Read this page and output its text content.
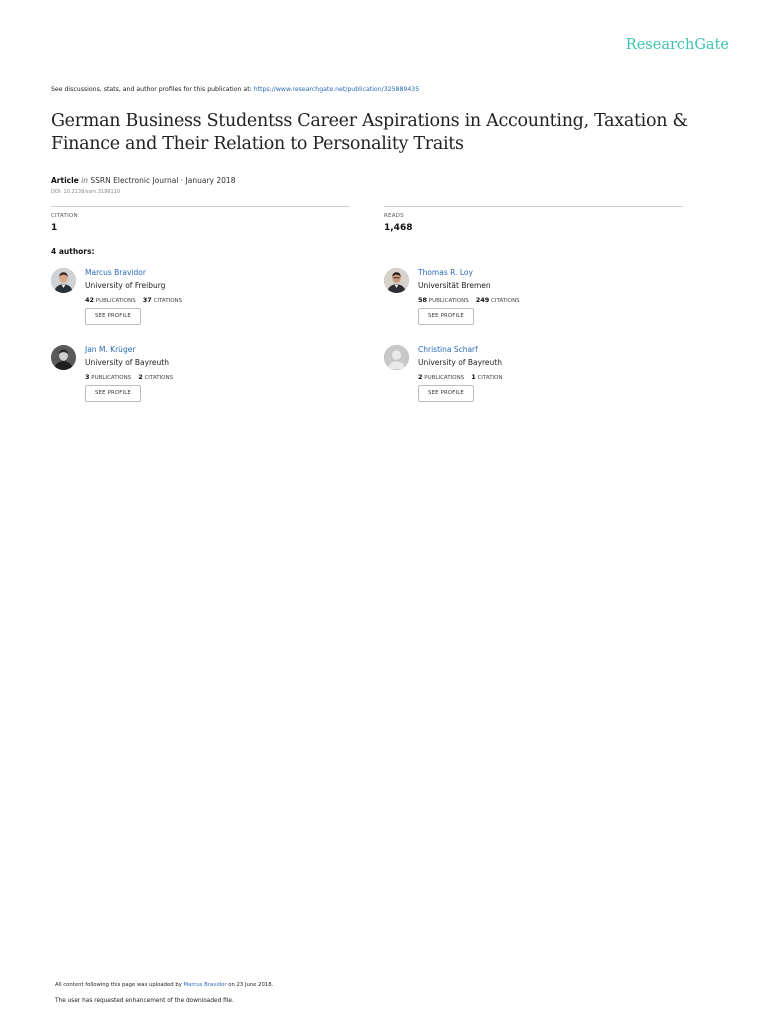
ResearchGate
See discussions, stats, and author profiles for this publication at: https://www.researchgate.net/publication/325889435
German Business Studentss Career Aspirations in Accounting, Taxation & Finance and Their Relation to Personality Traits
Article in SSRN Electronic Journal · January 2018
DOI: 10.2139/ssrn.3196110
CITATION
1
READS
1,468
4 authors:
Marcus Bravidor
University of Freiburg
42 PUBLICATIONS 37 CITATIONS
SEE PROFILE
Thomas R. Loy
Universität Bremen
58 PUBLICATIONS 249 CITATIONS
SEE PROFILE
Jan M. Krüger
University of Bayreuth
3 PUBLICATIONS 2 CITATIONS
SEE PROFILE
Christina Scharf
University of Bayreuth
2 PUBLICATIONS 1 CITATION
SEE PROFILE
All content following this page was uploaded by Marcus Bravidor on 23 June 2018.
The user has requested enhancement of the downloaded file.
